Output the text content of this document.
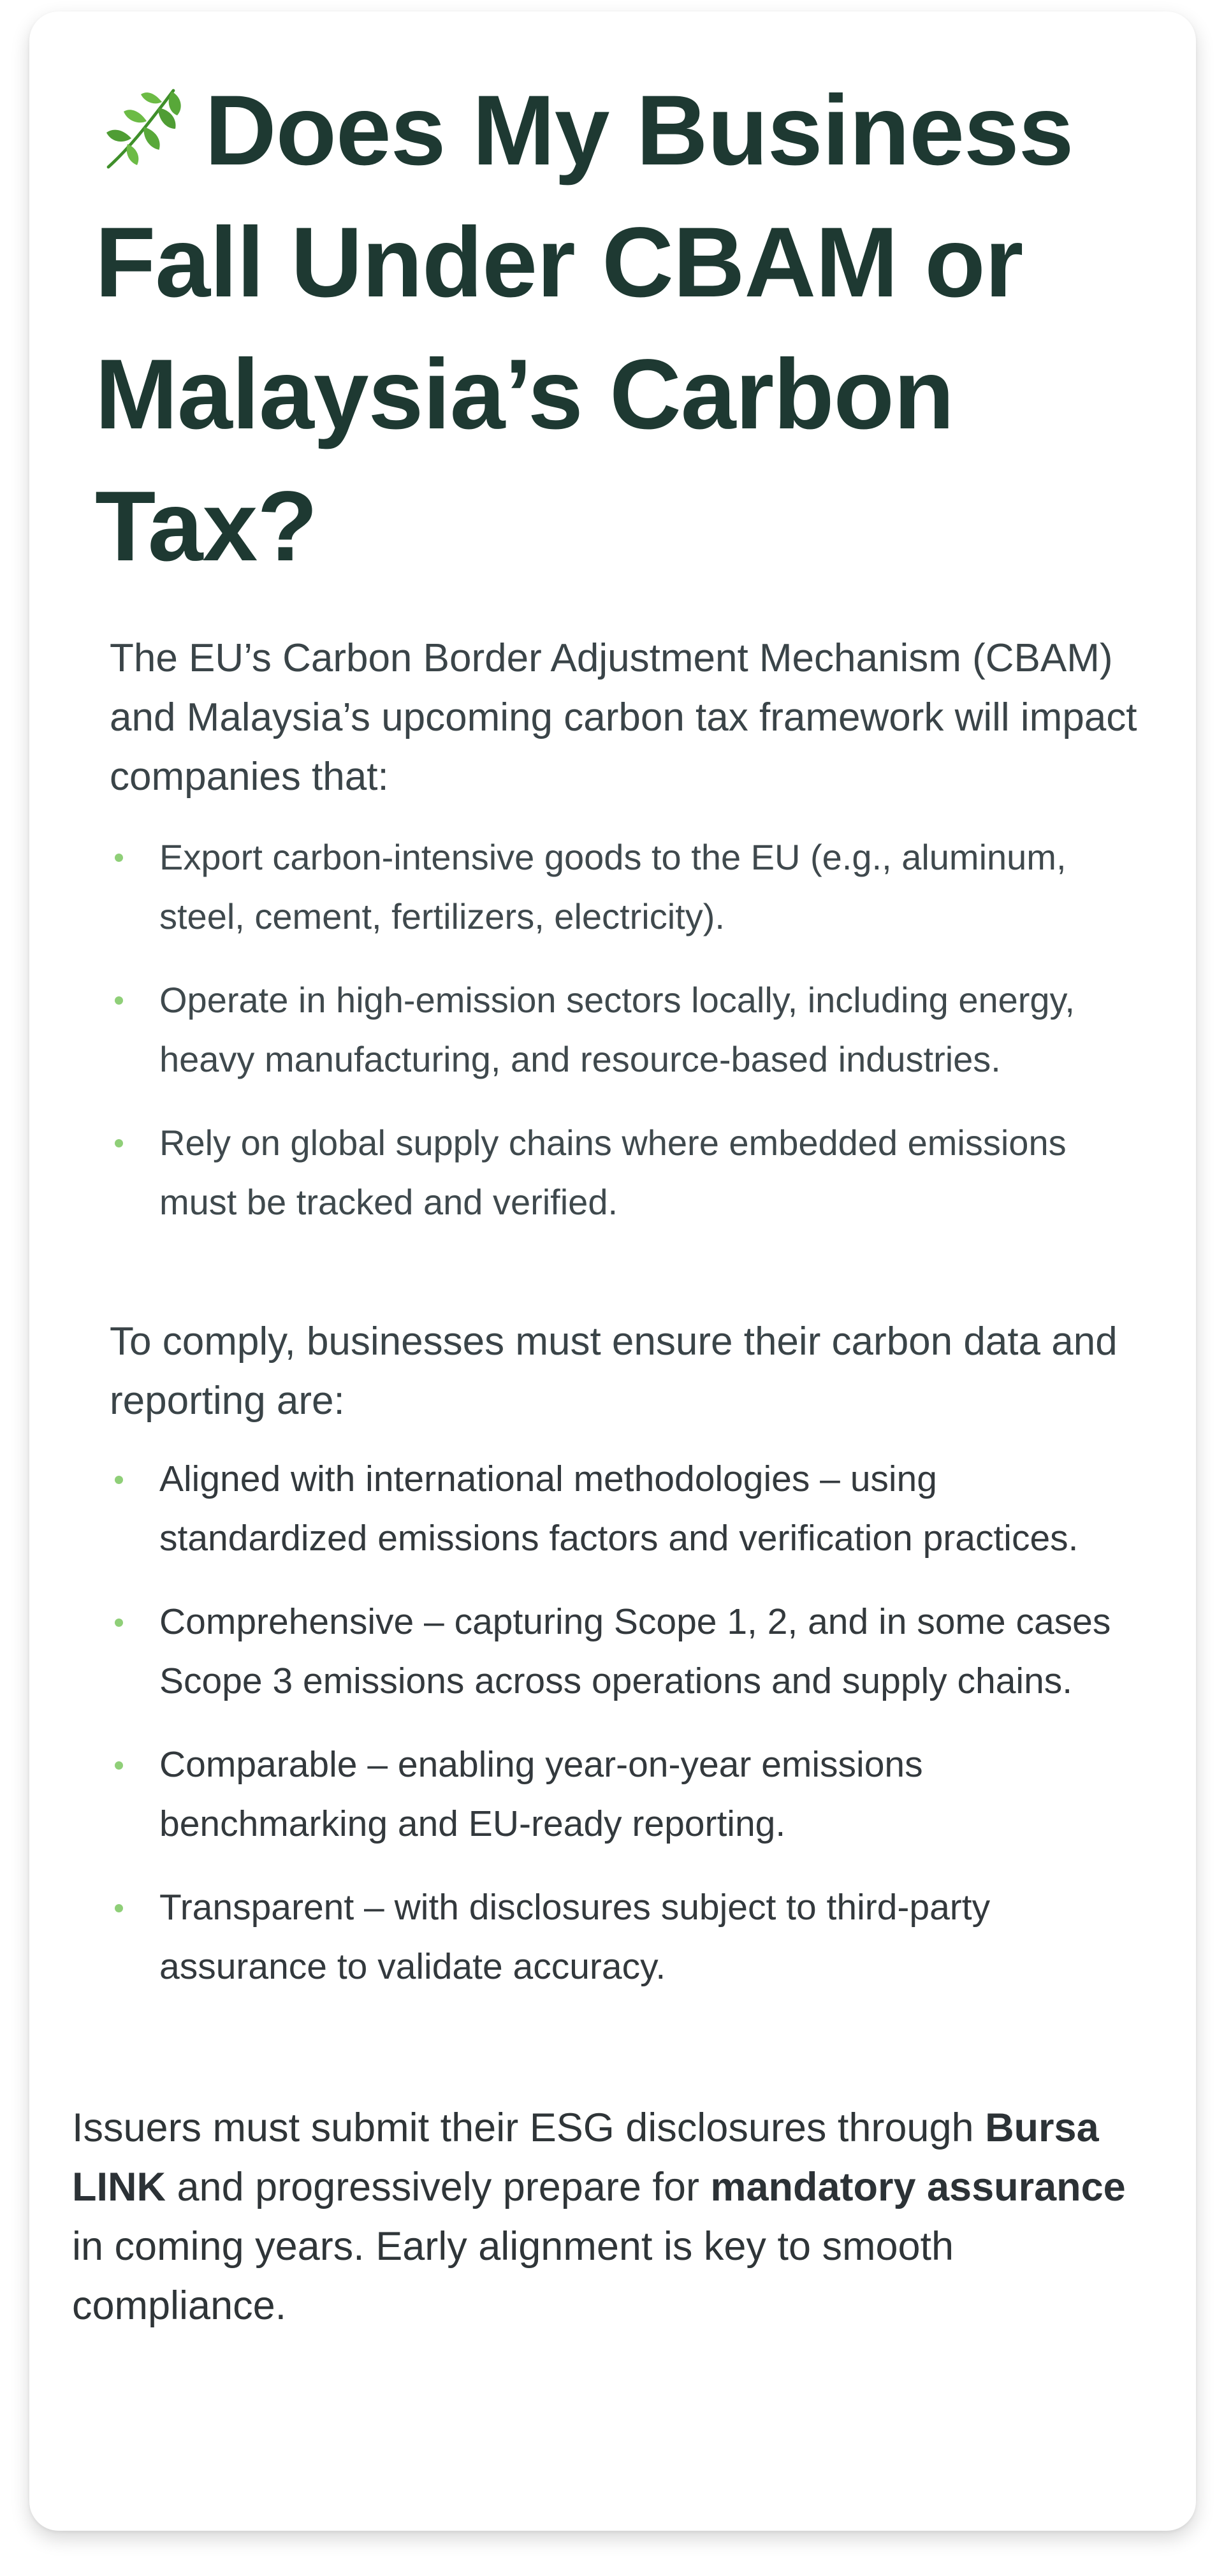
Does My Business Fall Under CBAM or Malaysia’s Carbon Tax?

The EU’s Carbon Border Adjustment Mechanism (CBAM) and Malaysia’s upcoming carbon tax framework will impact companies that:

Export carbon-intensive goods to the EU (e.g., aluminum, steel, cement, fertilizers, electricity).
Operate in high-emission sectors locally, including energy, heavy manufacturing, and resource-based industries.
Rely on global supply chains where embedded emissions must be tracked and verified.

To comply, businesses must ensure their carbon data and reporting are:

Aligned with international methodologies – using standardized emissions factors and verification practices.
Comprehensive – capturing Scope 1, 2, and in some cases Scope 3 emissions across operations and supply chains.
Comparable – enabling year-on-year emissions benchmarking and EU-ready reporting.
Transparent – with disclosures subject to third-party assurance to validate accuracy.

Issuers must submit their ESG disclosures through Bursa LINK and progressively prepare for mandatory assurance in coming years. Early alignment is key to smooth compliance.
